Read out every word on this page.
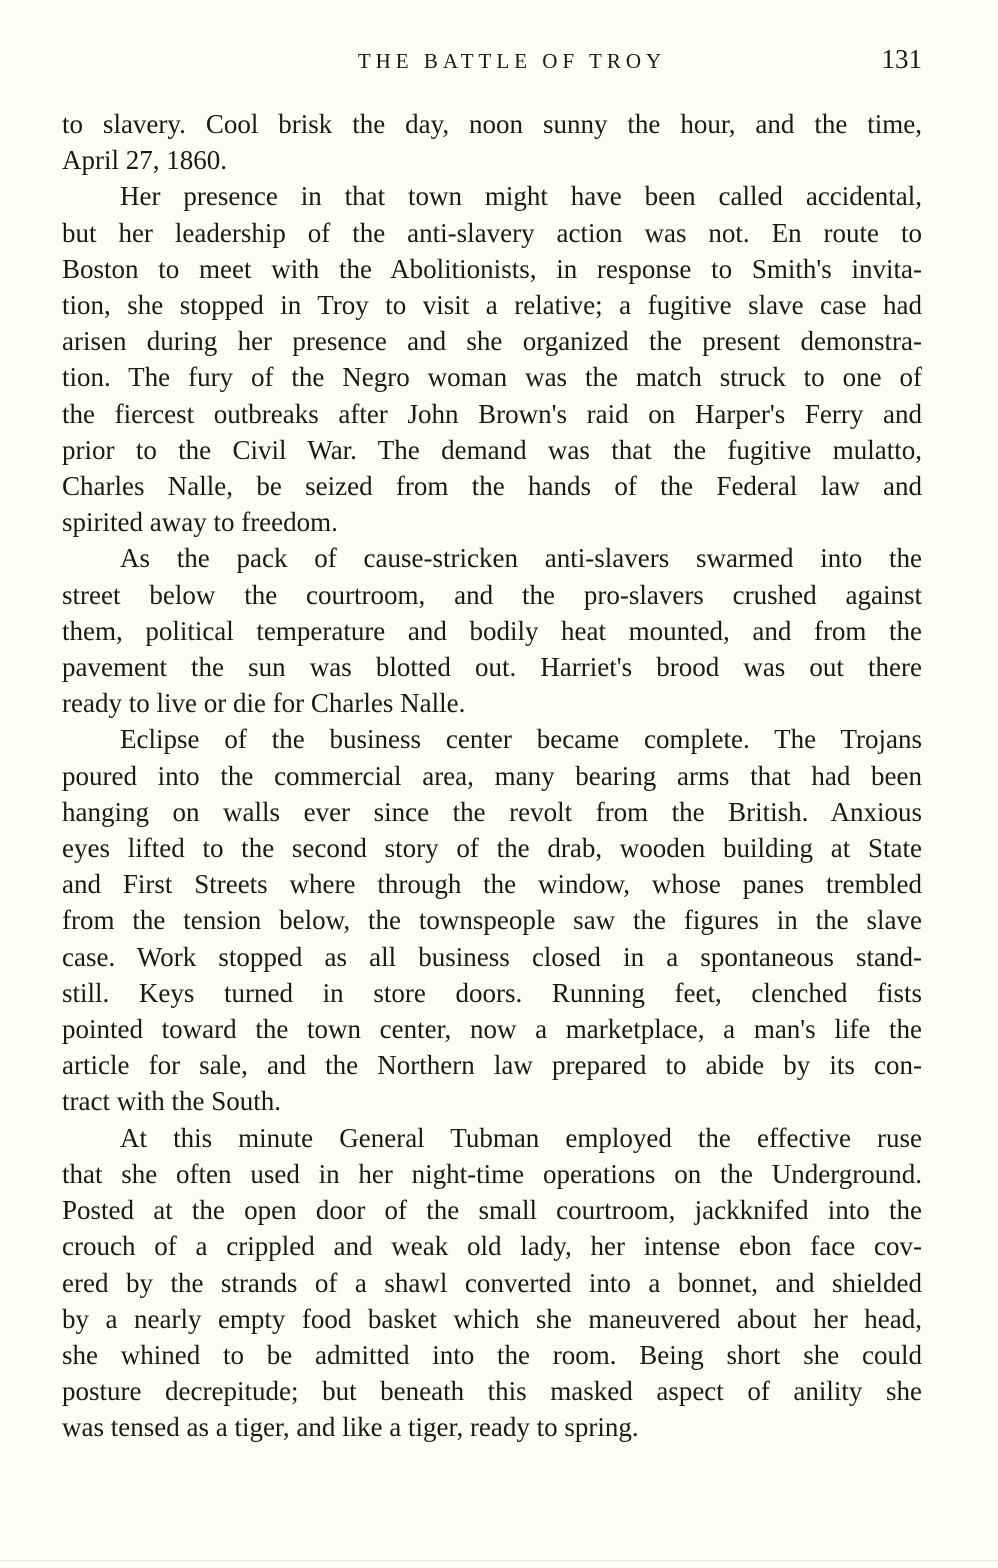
THE BATTLE OF TROY	131

to slavery. Cool brisk the day, noon sunny the hour, and the time,
April 27, 1860.

Her presence in that town might have been called accidental,
but her leadership of the anti-slavery action was not. En route to
Boston to meet with the Abolitionists, in response to Smith's invita-
tion, she stopped in Troy to visit a relative; a fugitive slave case had
arisen during her presence and she organized the present demonstra-
tion. The fury of the Negro woman was the match struck to one of
the fiercest outbreaks after John Brown's raid on Harper's Ferry and
prior to the Civil War. The demand was that the fugitive mulatto,
Charles Nalle, be seized from the hands of the Federal law and
spirited away to freedom.

As the pack of cause-stricken anti-slavers swarmed into the
street below the courtroom, and the pro-slavers crushed against
them, political temperature and bodily heat mounted, and from the
pavement the sun was blotted out. Harriet's brood was out there
ready to live or die for Charles Nalle.

Eclipse of the business center became complete. The Trojans
poured into the commercial area, many bearing arms that had been
hanging on walls ever since the revolt from the British. Anxious
eyes lifted to the second story of the drab, wooden building at State
and First Streets where through the window, whose panes trembled
from the tension below, the townspeople saw the figures in the slave
case. Work stopped as all business closed in a spontaneous stand-
still. Keys turned in store doors. Running feet, clenched fists
pointed toward the town center, now a marketplace, a man's life the
article for sale, and the Northern law prepared to abide by its con-
tract with the South.

At this minute General Tubman employed the effective ruse
that she often used in her night-time operations on the Underground.
Posted at the open door of the small courtroom, jackknifed into the
crouch of a crippled and weak old lady, her intense ebon face cov-
ered by the strands of a shawl converted into a bonnet, and shielded
by a nearly empty food basket which she maneuvered about her head,
she whined to be admitted into the room. Being short she could
posture decrepitude; but beneath this masked aspect of anility she
was tensed as a tiger, and like a tiger, ready to spring.
